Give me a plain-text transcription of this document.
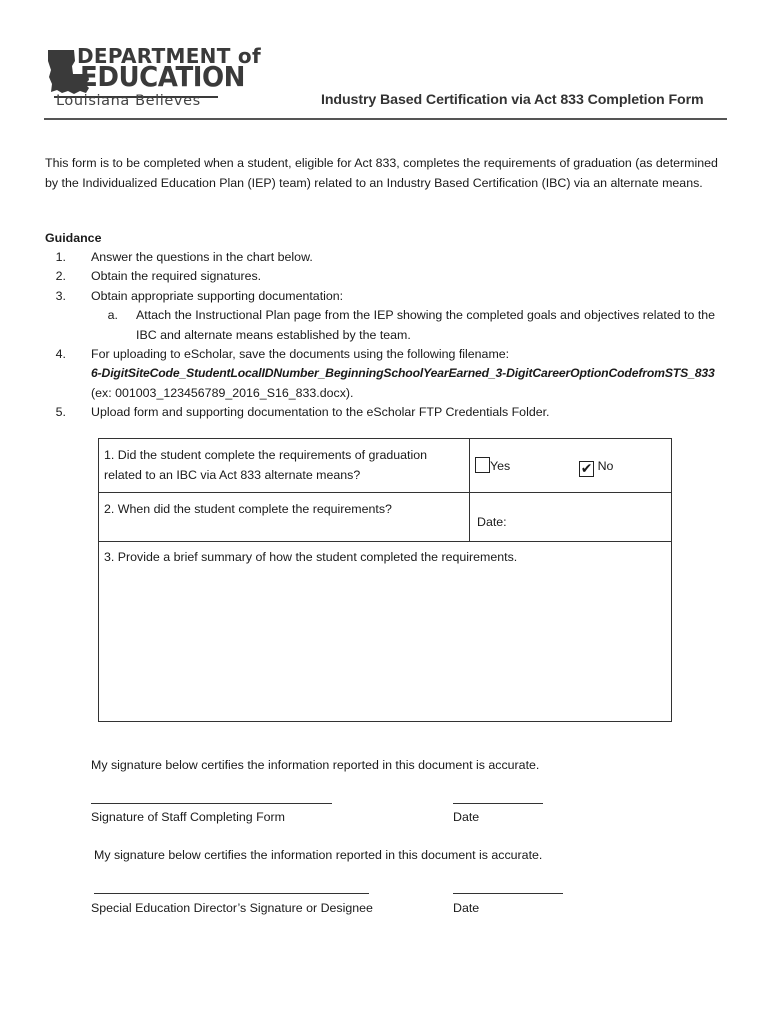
DEPARTMENT of
EDUCATION
Louisiana Believes	Industry Based Certification via Act 833 Completion Form
This form is to be completed when a student, eligible for Act 833, completes the requirements of graduation (as determined by the Individualized Education Plan (IEP) team) related to an Industry Based Certification (IBC) via an alternate means.
Guidance
1. Answer the questions in the chart below.
2. Obtain the required signatures.
3. Obtain appropriate supporting documentation:
a. Attach the Instructional Plan page from the IEP showing the completed goals and objectives related to the IBC and alternate means established by the team.
4. For uploading to eScholar, save the documents using the following filename:
6-DigitSiteCode_StudentLocalIDNumber_BeginningSchoolYearEarned_3-DigitCareerOptionCodefromSTS_833
(ex: 001003_123456789_2016_S16_833.docx).
5. Upload form and supporting documentation to the eScholar FTP Credentials Folder.
1. Did the student complete the requirements of graduation related to an IBC via Act 833 alternate means?	Yes ✔ No

2. When did the student complete the requirements?	Date:

3. Provide a brief summary of how the student completed the requirements.	
My signature below certifies the information reported in this document is accurate.
Signature of Staff Completing Form	Date
My signature below certifies the information reported in this document is accurate.
Special Education Director’s Signature or Designee	Date
